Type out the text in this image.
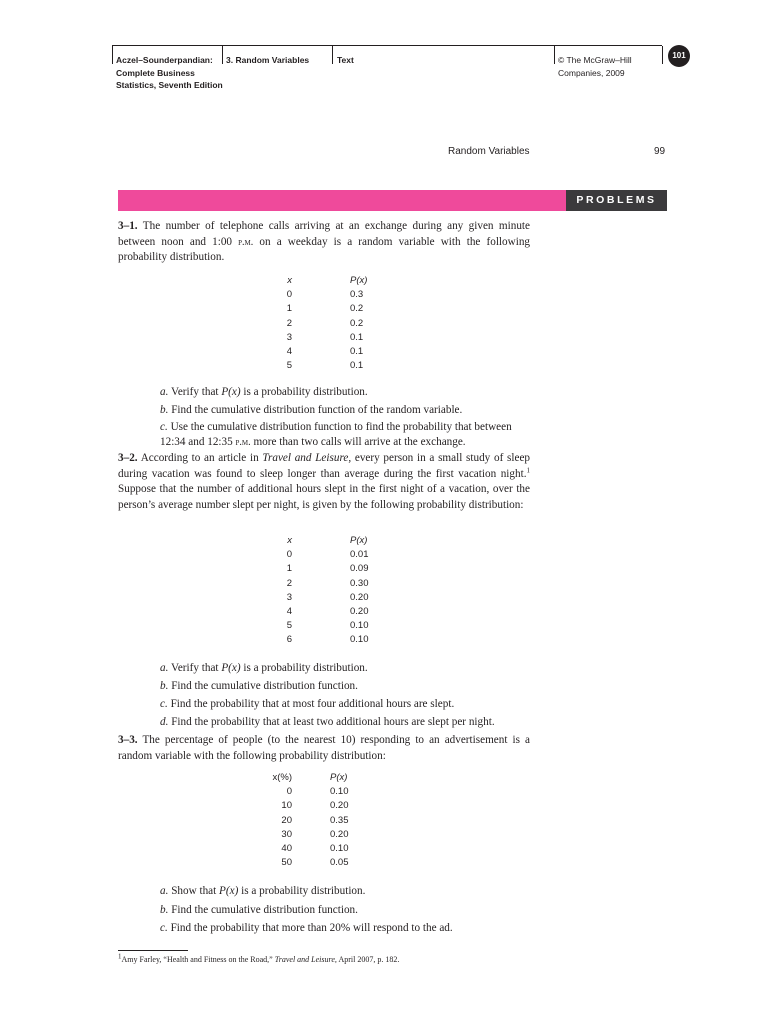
Aczel–Sounderpandian:
Complete Business
Statistics, Seventh Edition
3. Random Variables	Text	© The McGraw–Hill
Companies, 2009
101
Random Variables	99
PROBLEMS
3–1. The number of telephone calls arriving at an exchange during any given minute between noon and 1:00 p.m. on a weekday is a random variable with the following probability distribution.
x	P(x)
0	0.3
1	0.2
2	0.2
3	0.1
4	0.1
5	0.1
a. Verify that P(x) is a probability distribution.
b. Find the cumulative distribution function of the random variable.
c. Use the cumulative distribution function to find the probability that between 12:34 and 12:35 p.m. more than two calls will arrive at the exchange.
3–2. According to an article in Travel and Leisure, every person in a small study of sleep during vacation was found to sleep longer than average during the first vacation night.$^1$ Suppose that the number of additional hours slept in the first night of a vacation, over the person’s average number slept per night, is given by the following probability distribution:
x	P(x)
0	0.01
1	0.09
2	0.30
3	0.20
4	0.20
5	0.10
6	0.10
a. Verify that P(x) is a probability distribution.
b. Find the cumulative distribution function.
c. Find the probability that at most four additional hours are slept.
d. Find the probability that at least two additional hours are slept per night.
3–3. The percentage of people (to the nearest 10) responding to an advertisement is a random variable with the following probability distribution:
x(%)	P(x)
0	0.10
10	0.20
20	0.35
30	0.20
40	0.10
50	0.05
a. Show that P(x) is a probability distribution.
b. Find the cumulative distribution function.
c. Find the probability that more than 20% will respond to the ad.
$^1$Amy Farley, “Health and Fitness on the Road,” Travel and Leisure, April 2007, p. 182.
